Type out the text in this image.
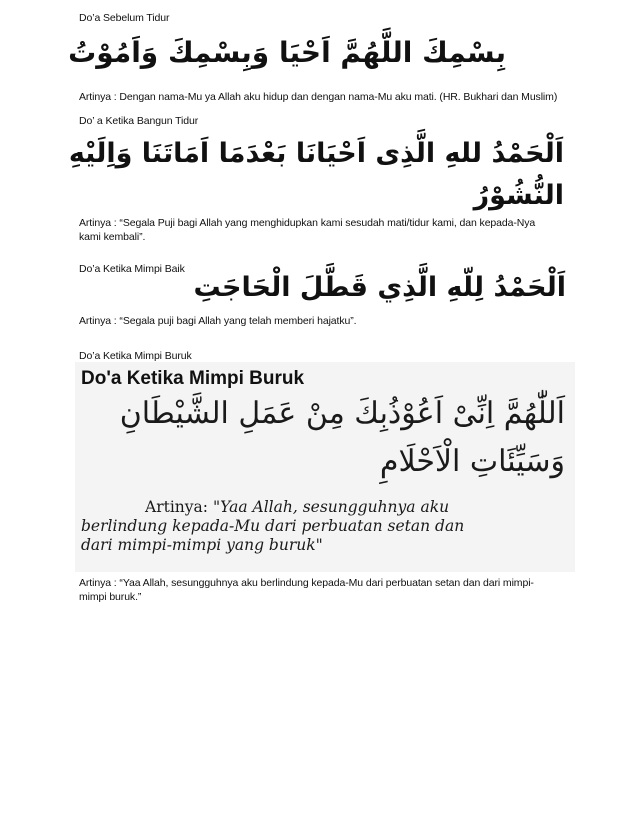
Do’a Sebelum Tidur

بِسْمِكَ اللَّهُمَّ اَحْيَا وَبِسْمِكَ وَاَمُوْتُ

Artinya : Dengan nama-Mu ya Allah aku hidup dan dengan nama-Mu aku mati. (HR. Bukhari dan Muslim)

Do’ a Ketika Bangun Tidur

اَلْحَمْدُ للهِ الَّذِى اَحْيَانَا بَعْدَمَا اَمَاتَنَا وَاِلَيْهِ

النُّشُوْرُ

Artinya : “Segala Puji bagi Allah yang menghidupkan kami sesudah mati/tidur kami, dan kepada-Nya

kami kembali”.

Do’a Ketika Mimpi Baik

اَلْحَمْدُ لِلّهِ الَّذِي قَطَّلَ الْحَاجَتِ

Artinya : “Segala puji bagi Allah yang telah memberi hajatku”.

Do’a Ketika Mimpi Buruk

Do'a Ketika Mimpi Buruk
اَللّٰهُمَّ اِنِّىْ اَعُوْذُبِكَ مِنْ عَمَلِ الشَّيْطَانِ
وَسَيِّئَاتِ الْاَحْلَامِ
Artinya: "Yaa Allah, sesungguhnya aku
berlindung kepada-Mu dari perbuatan setan dan
dari mimpi-mimpi yang buruk"

Artinya : “Yaa Allah, sesungguhnya aku berlindung kepada-Mu dari perbuatan setan dan dari mimpi-

mimpi buruk.”
